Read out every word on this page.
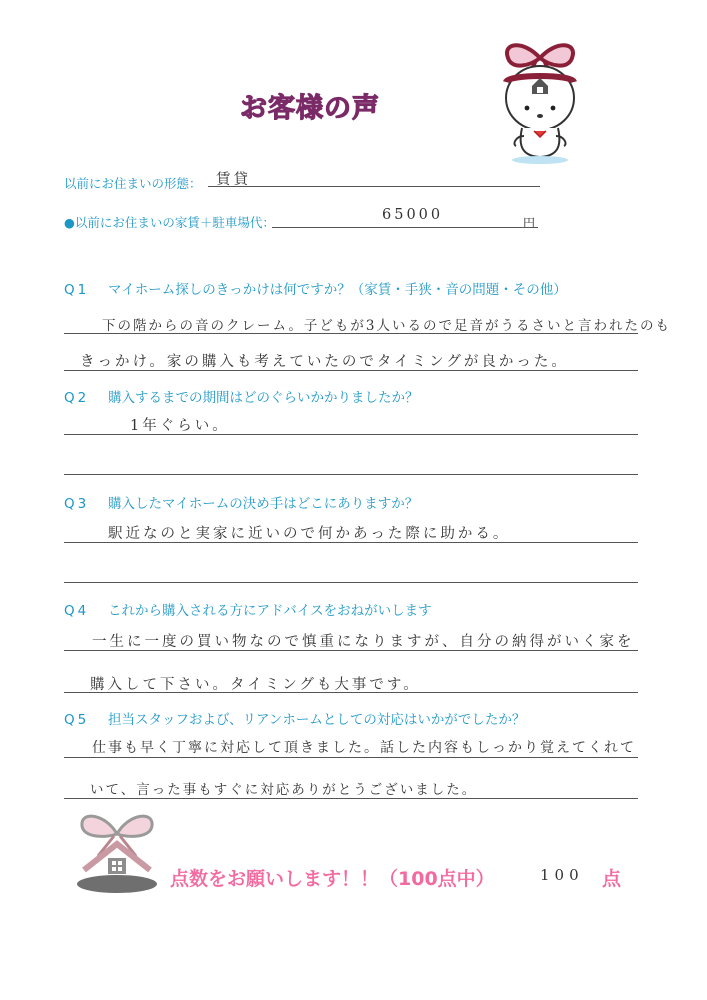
お客様の声
以前にお住まいの形態： 賃貸
●以前にお住まいの家賃＋駐車場代：	65000	円
Q1 マイホーム探しのきっかけは何ですか？（家賃・手狭・音の問題・その他）
下の階からの音のクレーム。子どもが3人いるので足音がうるさいと言われたのも
きっかけ。家の購入も考えていたのでタイミングが良かった。
Q2 購入するまでの期間はどのぐらいかかりましたか？
1年ぐらい。
Q3 購入したマイホームの決め手はどこにありますか？
駅近なのと実家に近いので何かあった際に助かる。
Q4 これから購入される方にアドバイスをおねがいします
一生に一度の買い物なので慎重になりますが、自分の納得がいく家を
購入して下さい。タイミングも大事です。
Q5 担当スタッフおよび、リアンホームとしての対応はいかがでしたか？
仕事も早く丁寧に対応して頂きました。話した内容もしっかり覚えてくれて
いて、言った事もすぐに対応ありがとうございました。
点数をお願いします！！（100点中）	100 点
